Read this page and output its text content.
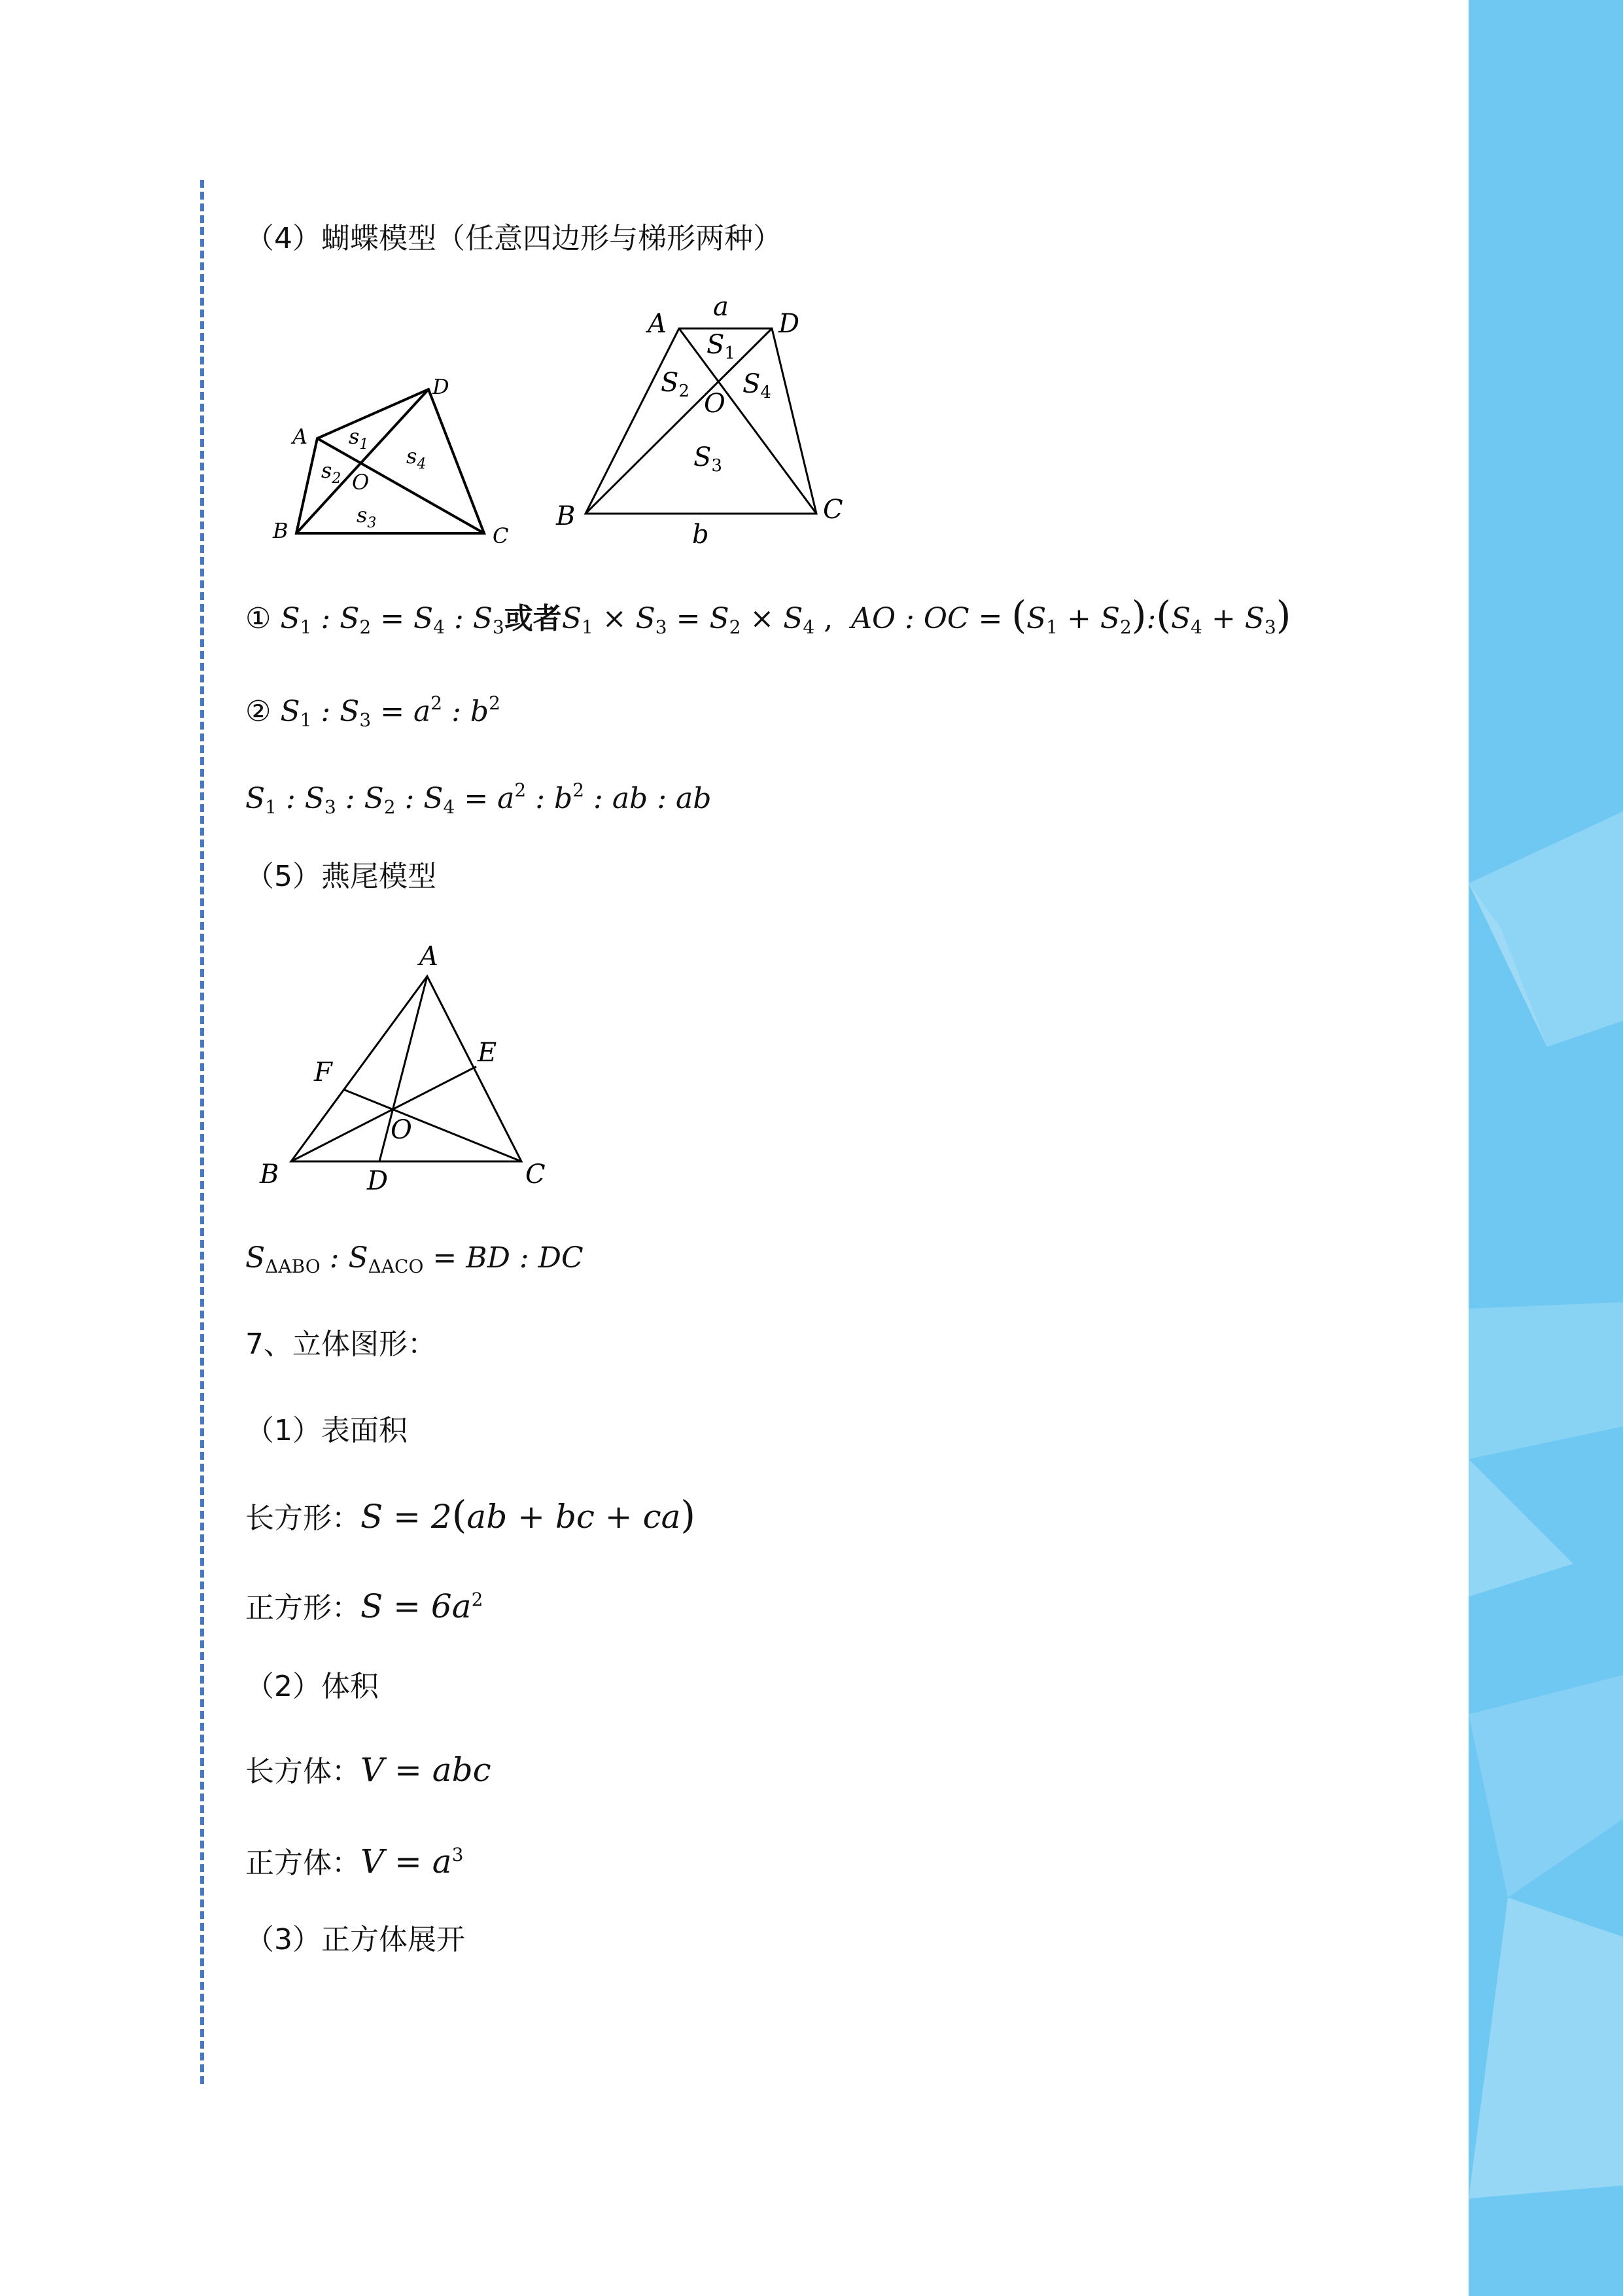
（4）蝴蝶模型（任意四边形与梯形两种）
A
D
B	C
O
$s_1$
$s_2$
$s_3$
$s_4$
A	D
a
B	C
b
O
$S_1$
$S_2$
$S_3$
$S_4$
① $S_1$ : $S_2 = S_4$ : $S_3$或者$S_1 \times S_3 = S_2 \times S_4$ ,  AO : OC = ($S_1$ + $S_2):(S_4 + S_3)$
② $S_1$ : $S_3 = a^2$ : $b^2$
$S_1$ : $S_3$ : $S_2$ : $S_4 = a^2$ : $b^2$ : ab : ab
（5）燕尾模型
A
F
E
O
B	D	C
$S_{\Delta ABO}$ : $S_{\Delta ACO}$ = BD : DC
7、立体图形：
（1）表面积
长方形：S = 2(ab + bc + ca)
正方形：$S = 6a^2$
（2）体积
长方体：V = abc
正方体：$V = a^3$
（3）正方体展开
